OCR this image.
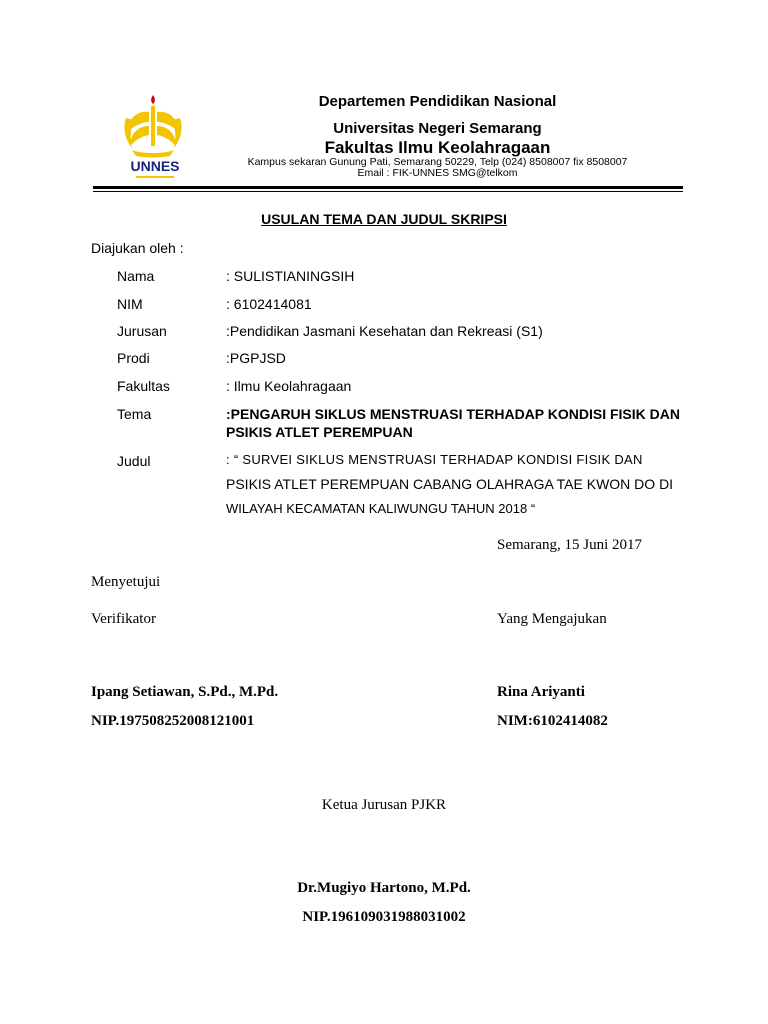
UNNES
Departemen Pendidikan Nasional
Universitas Negeri Semarang
Fakultas Ilmu Keolahragaan
Kampus sekaran Gunung Pati, Semarang 50229, Telp (024) 8508007 fix 8508007
Email : FIK-UNNES SMG@telkom
USULAN TEMA DAN JUDUL SKRIPSI
Diajukan oleh :
Nama	: SULISTIANINGSIH
NIM	: 6102414081
Jurusan	:Pendidikan Jasmani Kesehatan dan Rekreasi (S1)
Prodi	:PGPJSD
Fakultas	: Ilmu Keolahragaan
Tema	:PENGARUH SIKLUS MENSTRUASI TERHADAP KONDISI FISIK DAN
PSIKIS ATLET PEREMPUAN
Judul	: “ SURVEI SIKLUS MENSTRUASI TERHADAP KONDISI FISIK DAN
PSIKIS ATLET PEREMPUAN CABANG OLAHRAGA TAE KWON DO DI
WILAYAH KECAMATAN KALIWUNGU TAHUN 2018 “
Semarang, 15 Juni 2017
Menyetujui
Verifikator	Yang Mengajukan
Ipang Setiawan, S.Pd., M.Pd.
NIP.197508252008121001
Rina Ariyanti
NIM:6102414082
Ketua Jurusan PJKR
Dr.Mugiyo Hartono, M.Pd.
NIP.196109031988031002
